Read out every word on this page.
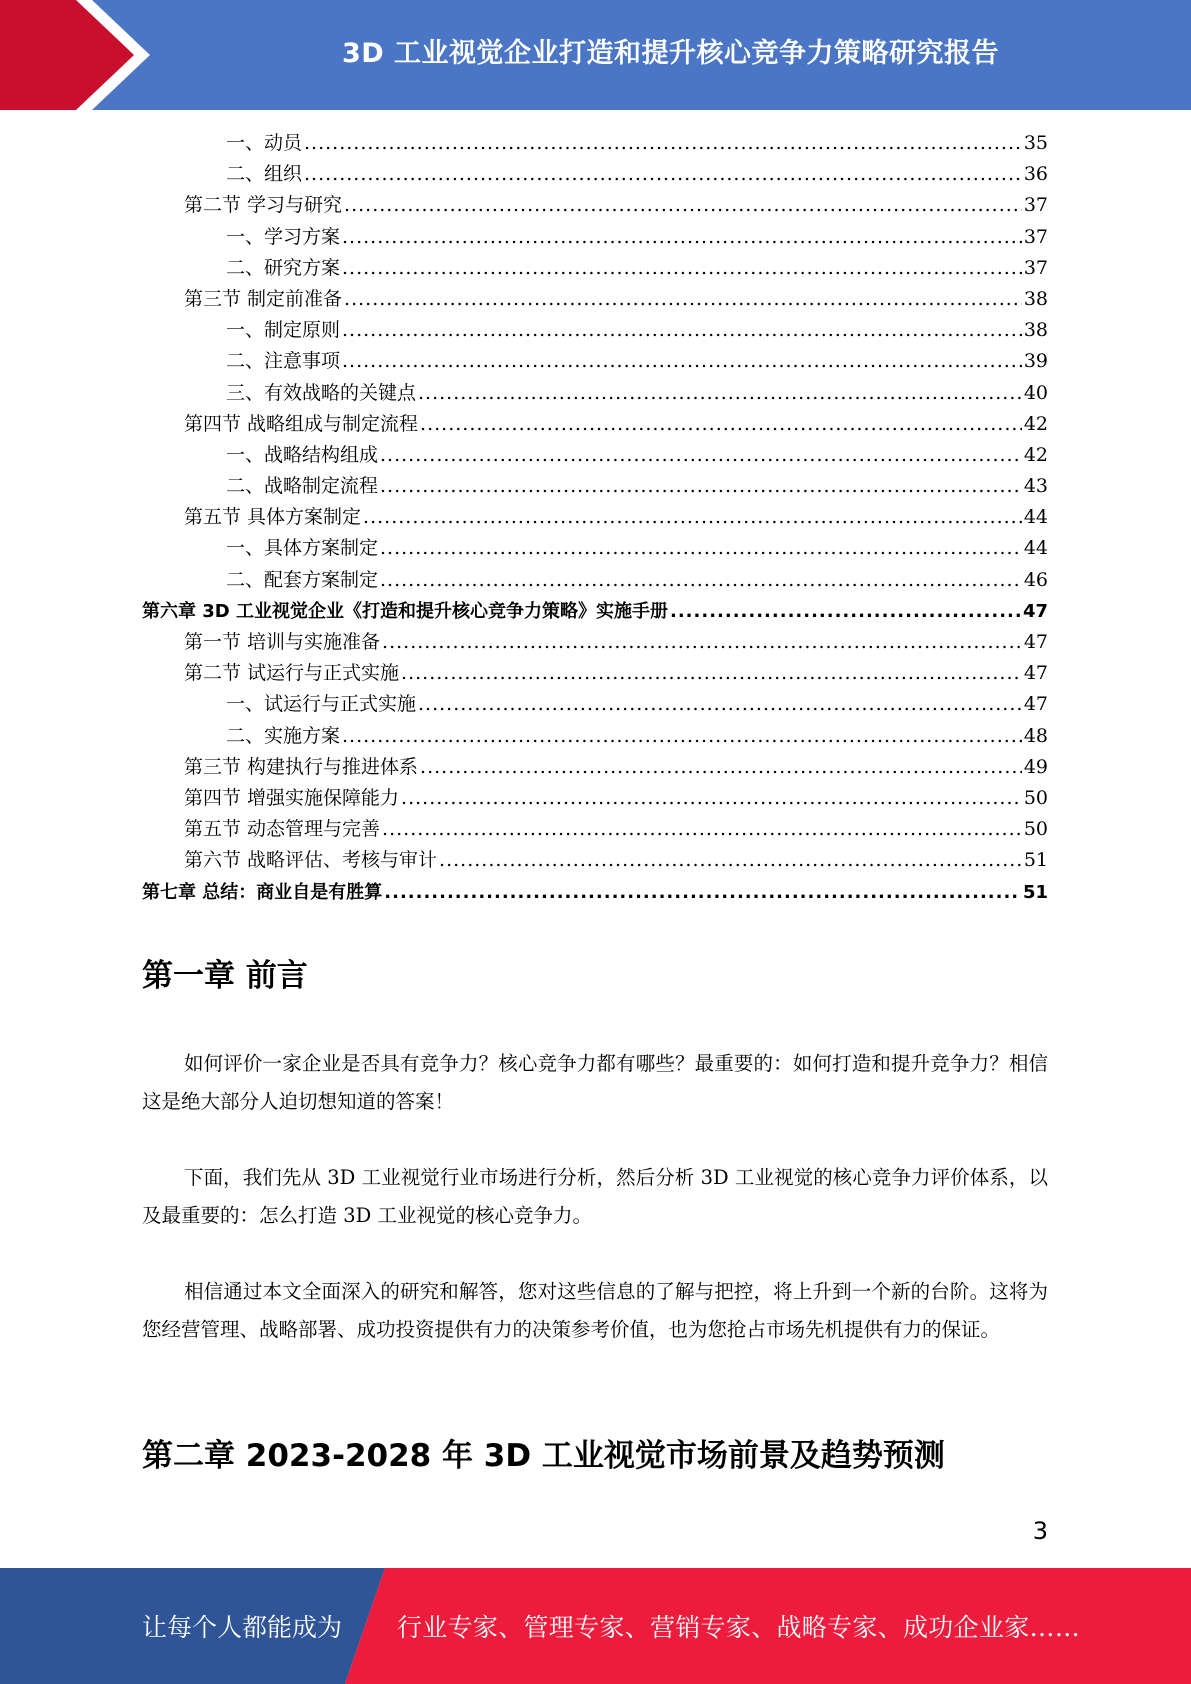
3D 工业视觉企业打造和提升核心竞争力策略研究报告
一、动员 .....	35
二、组织 .....	36
第二节 学习与研究 .....	37
一、学习方案 .....	37
二、研究方案 .....	37
第三节 制定前准备 .....	38
一、制定原则 .....	38
二、注意事项 .....	39
三、有效战略的关键点 .....	40
第四节 战略组成与制定流程 .....	42
一、战略结构组成 .....	42
二、战略制定流程 .....	43
第五节 具体方案制定 .....	44
一、具体方案制定 .....	44
二、配套方案制定 .....	46
第六章 3D 工业视觉企业《打造和提升核心竞争力策略》实施手册 .....	47
第一节 培训与实施准备 .....	47
第二节 试运行与正式实施 .....	47
一、试运行与正式实施 .....	47
二、实施方案 .....	48
第三节 构建执行与推进体系 .....	49
第四节 增强实施保障能力 .....	50
第五节 动态管理与完善 .....	50
第六节 战略评估、考核与审计 .....	51
第七章 总结：商业自是有胜算 .....	51
第一章 前言

如何评价一家企业是否具有竞争力？核心竞争力都有哪些？最重要的：如何打造和提升竞争力？相信这是绝大部分人迫切想知道的答案！

下面，我们先从 3D 工业视觉行业市场进行分析，然后分析 3D 工业视觉的核心竞争力评价体系，以及最重要的：怎么打造 3D 工业视觉的核心竞争力。

相信通过本文全面深入的研究和解答，您对这些信息的了解与把控，将上升到一个新的台阶。这将为您经营管理、战略部署、成功投资提供有力的决策参考价值，也为您抢占市场先机提供有力的保证。

第二章 2023-2028 年 3D 工业视觉市场前景及趋势预测
3
让每个人都能成为 行业专家、管理专家、营销专家、战略专家、成功企业家……
